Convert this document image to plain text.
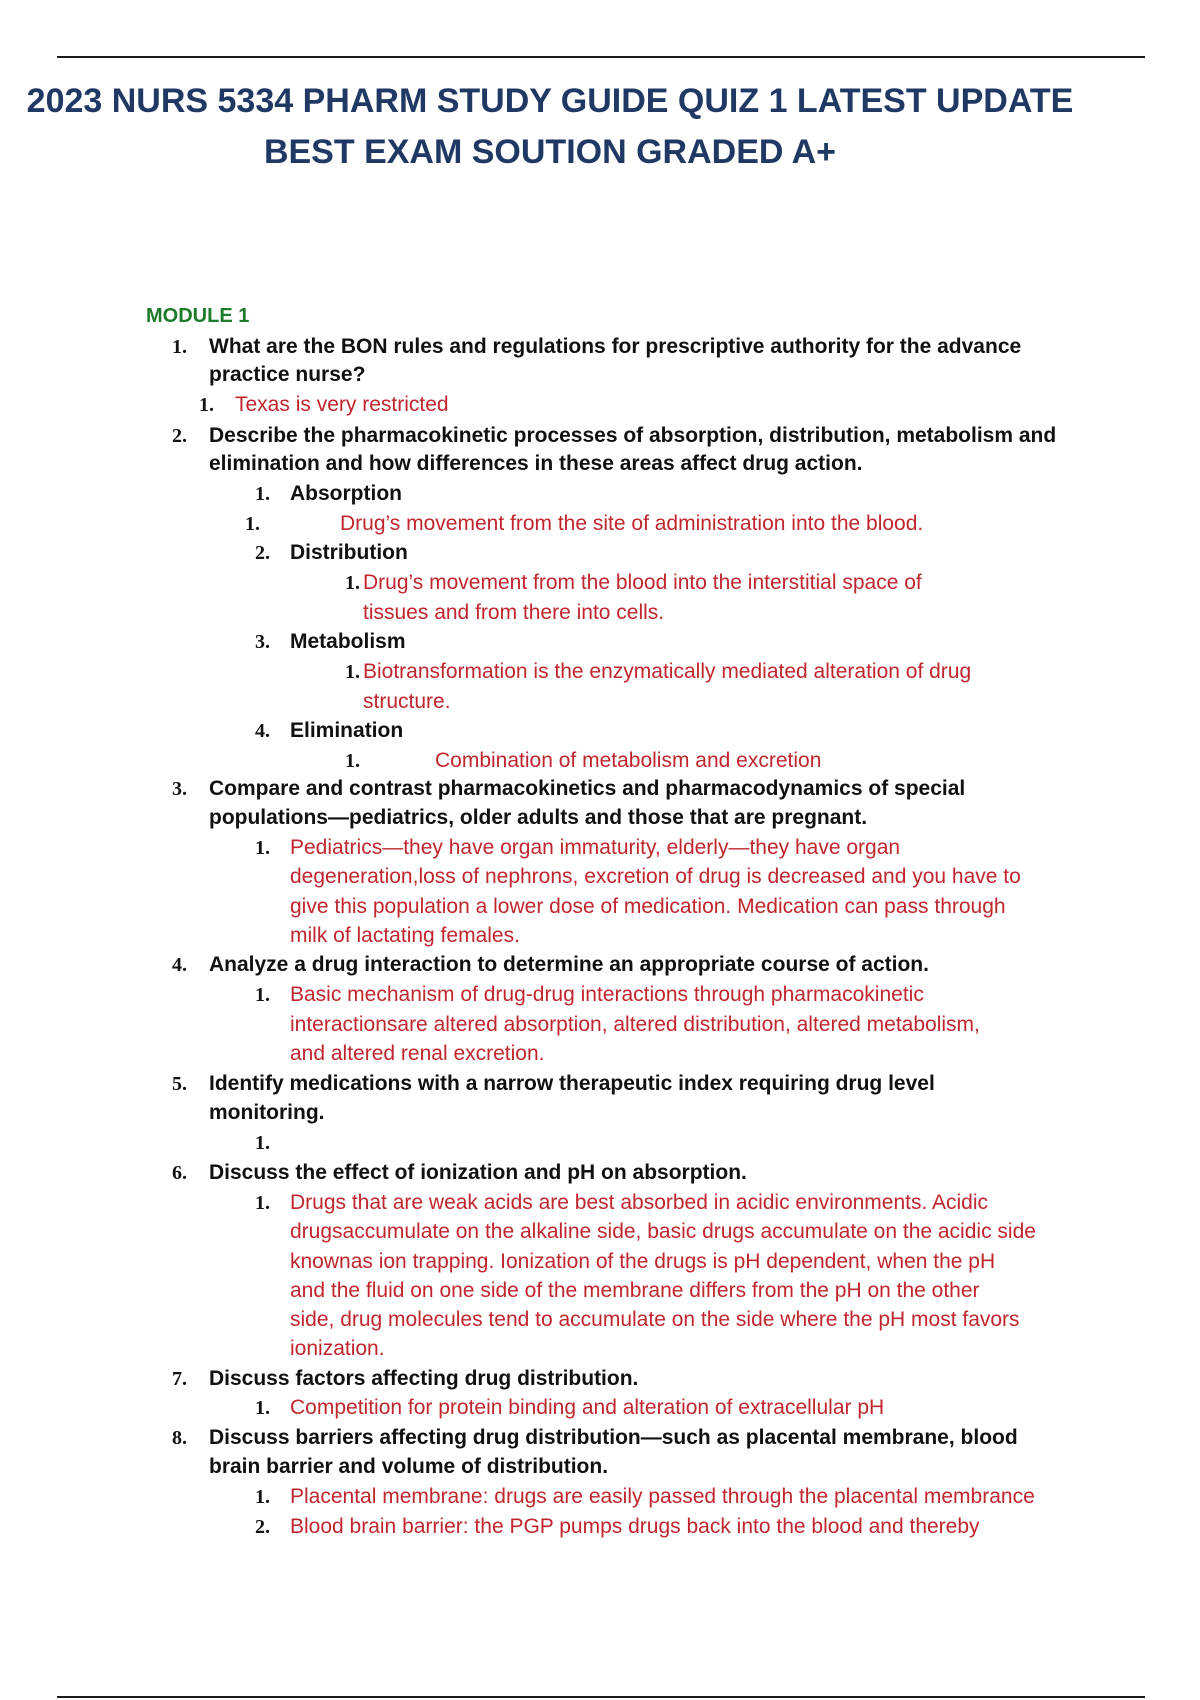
2023 NURS 5334 PHARM STUDY GUIDE QUIZ 1 LATEST UPDATE
BEST EXAM SOUTION GRADED A+
MODULE 1
1. What are the BON rules and regulations for prescriptive authority for the advance
practice nurse?
1. Texas is very restricted
2. Describe the pharmacokinetic processes of absorption, distribution, metabolism and
elimination and how differences in these areas affect drug action.
1. Absorption
1.	Drug’s movement from the site of administration into the blood.
2. Distribution
1. Drug’s movement from the blood into the interstitial space of
tissues and from there into cells.
3. Metabolism
1. Biotransformation is the enzymatically mediated alteration of drug
structure.
4. Elimination
1.	Combination of metabolism and excretion
3. Compare and contrast pharmacokinetics and pharmacodynamics of special
populations—pediatrics, older adults and those that are pregnant.
1. Pediatrics—they have organ immaturity, elderly—they have organ
degeneration,loss of nephrons, excretion of drug is decreased and you have to
give this population a lower dose of medication. Medication can pass through
milk of lactating females.
4. Analyze a drug interaction to determine an appropriate course of action.
1. Basic mechanism of drug-drug interactions through pharmacokinetic
interactionsare altered absorption, altered distribution, altered metabolism,
and altered renal excretion.
5. Identify medications with a narrow therapeutic index requiring drug level
monitoring.
1.
6. Discuss the effect of ionization and pH on absorption.
1. Drugs that are weak acids are best absorbed in acidic environments. Acidic
drugsaccumulate on the alkaline side, basic drugs accumulate on the acidic side
knownas ion trapping. Ionization of the drugs is pH dependent, when the pH
and the fluid on one side of the membrane differs from the pH on the other
side, drug molecules tend to accumulate on the side where the pH most favors
ionization.
7. Discuss factors affecting drug distribution.
1. Competition for protein binding and alteration of extracellular pH
8. Discuss barriers affecting drug distribution—such as placental membrane, blood
brain barrier and volume of distribution.
1. Placental membrane: drugs are easily passed through the placental membrance
2. Blood brain barrier: the PGP pumps drugs back into the blood and thereby
